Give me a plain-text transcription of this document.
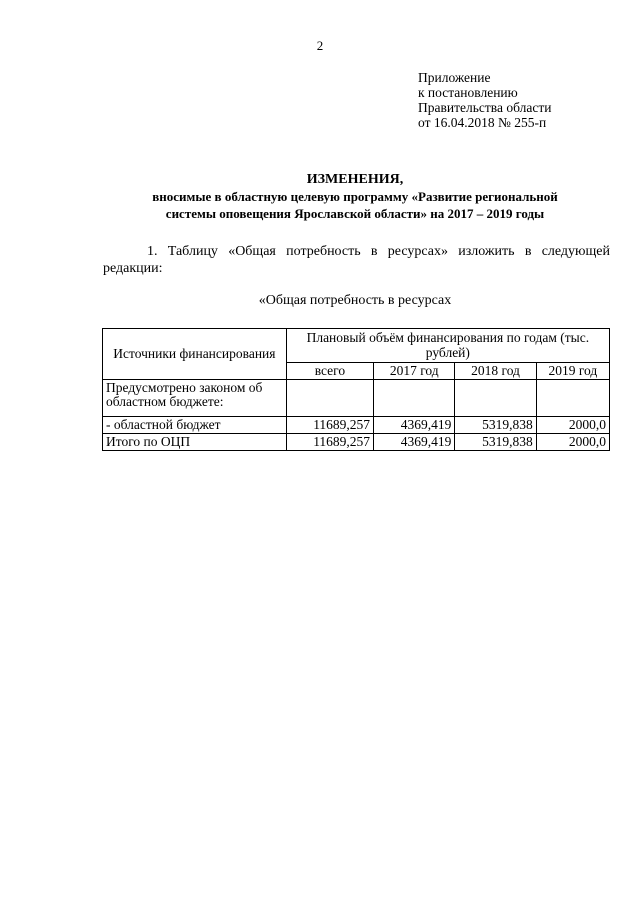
2
Приложение
к постановлению
Правительства области
от 16.04.2018 № 255-п
ИЗМЕНЕНИЯ,
вносимые в областную целевую программу «Развитие региональной
системы оповещения Ярославской области» на 2017 – 2019 годы
1. Таблицу «Общая потребность в ресурсах» изложить в следующей редакции:
«Общая потребность в ресурсах
Источники финансирования	Плановый объём финансирования по годам (тыс. рублей)			
	всего	2017 год	2018 год	2019 год
Предусмотрено законом об областном бюджете:				
- областной бюджет	11689,257	4369,419	5319,838	2000,0
Итого по ОЦП	11689,257	4369,419	5319,838	2000,0
